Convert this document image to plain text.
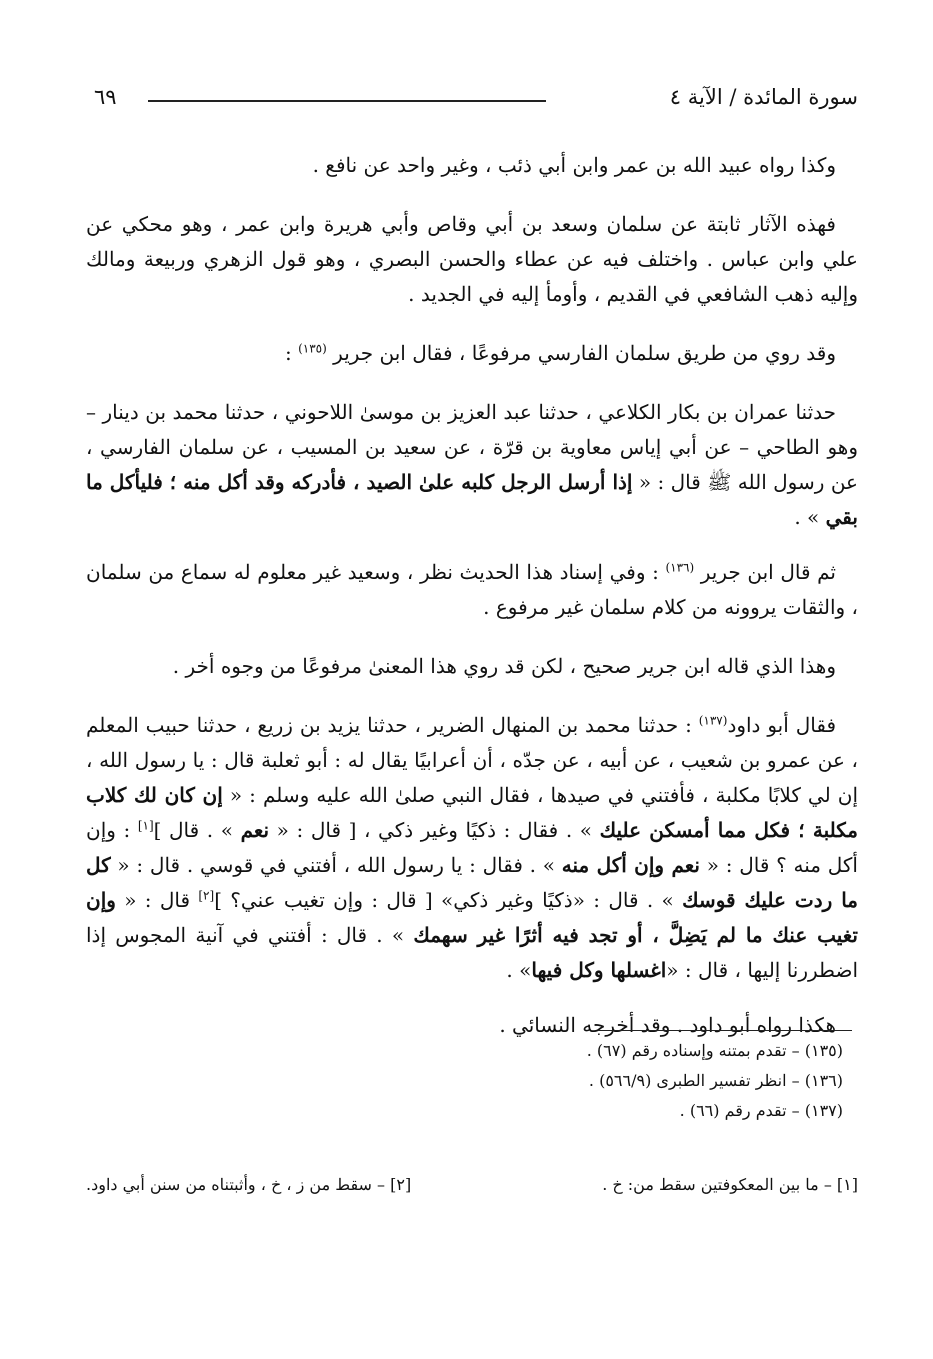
سورة المائدة / الآية ٤
٦٩

وكذا رواه عبيد الله بن عمر وابن أبي ذئب ، وغير واحد عن نافع .

فهذه الآثار ثابتة عن سلمان وسعد بن أبي وقاص وأبي هريرة وابن عمر ، وهو محكي عن علي وابن عباس . واختلف فيه عن عطاء والحسن البصري ، وهو قول الزهري وربيعة ومالك وإليه ذهب الشافعي في القديم ، وأومأ إليه في الجديد .

وقد روي من طريق سلمان الفارسي مرفوعًا ، فقال ابن جرير $^{(١٣٥)}$ :

حدثنا عمران بن بكار الكلاعي ، حدثنا عبد العزيز بن موسىٰ اللاحوني ، حدثنا محمد بن دينار – وهو الطاحي – عن أبي إياس معاوية بن قرّة ، عن سعيد بن المسيب ، عن سلمان الفارسي ، عن رسول الله ﷺ قال : « إذا أرسل الرجل كلبه علىٰ الصيد ، فأدركه وقد أكل منه ؛ فليأكل ما بقي » .

ثم قال ابن جرير $^{(١٣٦)}$ : وفي إسناد هذا الحديث نظر ، وسعيد غير معلوم له سماع من سلمان ، والثقات يروونه من كلام سلمان غير مرفوع .

وهذا الذي قاله ابن جرير صحيح ، لكن قد روي هذا المعنىٰ مرفوعًا من وجوه أخر .

فقال أبو داود$^{(١٣٧)}$ : حدثنا محمد بن المنهال الضرير ، حدثنا يزيد بن زريع ، حدثنا حبيب المعلم ، عن عمرو بن شعيب ، عن أبيه ، عن جدّه ، أن أعرابيًا يقال له : أبو ثعلبة قال : يا رسول الله ، إن لي كلابًا مكلبة ، فأفتني في صيدها ، فقال النبي صلىٰ الله عليه وسلم : « إن كان لك كلاب مكلبة ؛ فكل مما أمسكن عليك » . فقال : ذكيًا وغير ذكي ، [ قال : « نعم » . قال ][١] : وإن أكل منه ؟ قال : « نعم وإن أكل منه » . فقال : يا رسول الله ، أفتني في قوسي . قال : « كل ما ردت عليك قوسك » . قال : «ذكيًا وغير ذكي» [ قال : وإن تغيب عني؟ ][٢] قال : « وإن تغيب عنك ما لم يَضِلَّ ، أو تجد فيه أثرًا غير سهمك » . قال : أفتني في آنية المجوس إذا اضطررنا إليها ، قال : «اغسلها وكل فيها» .

هكذا رواه أبو داود . وقد أخرجه النسائي .

(١٣٥) – تقدم بمتنه وإسناده رقم (٦٧) .
(١٣٦) – انظر تفسير الطبرى (٥٦٦/٩) .
(١٣٧) – تقدم رقم (٦٦) .
[١] – ما بين المعكوفتين سقط من: خ .
[٢] – سقط من ز ، خ ، وأثبتناه من سنن أبي داود.
